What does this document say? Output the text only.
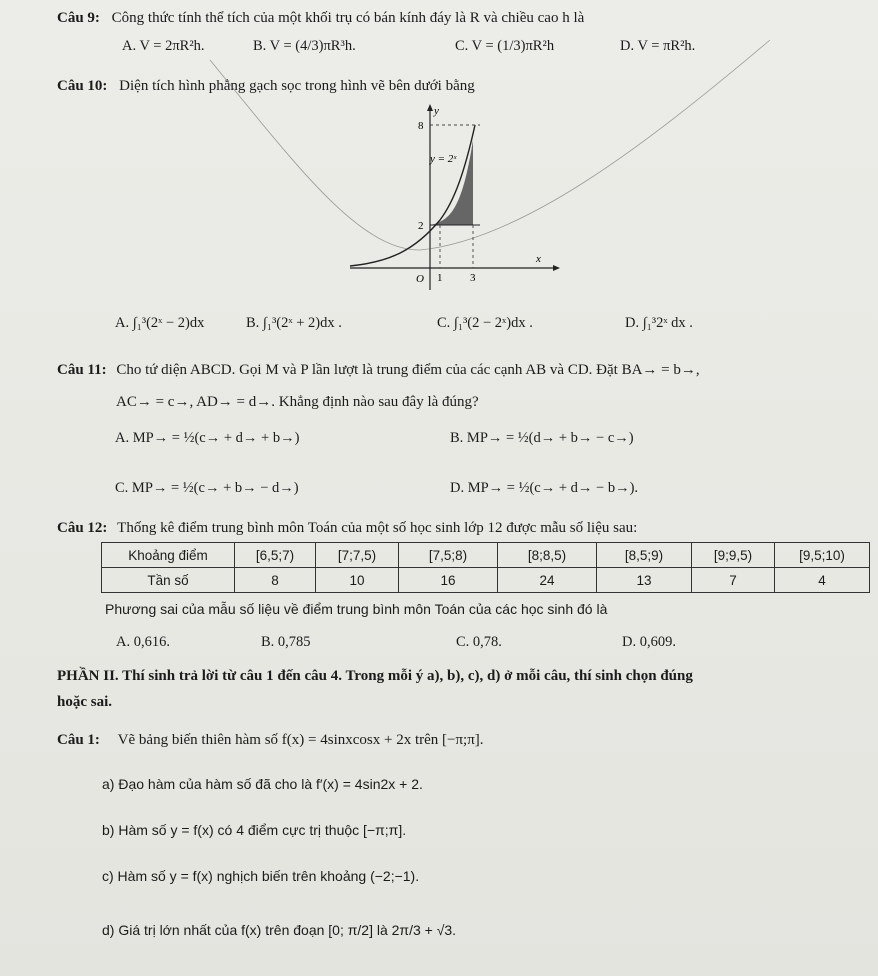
Câu 9: Công thức tính thể tích của một khối trụ có bán kính đáy là R và chiều cao h là
A. V = 2πR²h.	B. V = (4/3)πR³h.	C. V = (1/3)πR²h	D. V = πR²h.
Câu 10: Diện tích hình phẳng gạch sọc trong hình vẽ bên dưới bằng
y
x
O
8
2
1	3
y = 2ˣ
A. ∫₁³(2ˣ − 2)dx	B. ∫₁³(2ˣ + 2)dx .	C. ∫₁³(2 − 2ˣ)dx .	D. ∫₁³2ˣ dx .
Câu 11: Cho tứ diện ABCD. Gọi M và P lần lượt là trung điểm của các cạnh AB và CD. Đặt BA→ = b→,
AC→ = c→, AD→ = d→. Khẳng định nào sau đây là đúng?
A. MP→ = ½(c→ + d→ + b→)	B. MP→ = ½(d→ + b→ − c→)
C. MP→ = ½(c→ + b→ − d→)	D. MP→ = ½(c→ + d→ − b→).
Câu 12: Thống kê điểm trung bình môn Toán của một số học sinh lớp 12 được mẫu số liệu sau:
Khoảng điểm	[6,5;7)	[7;7,5)	[7,5;8)	[8;8,5)	[8,5;9)	[9;9,5)	[9,5;10)
Tần số	8	10	16	24	13	7	4
Phương sai của mẫu số liệu về điểm trung bình môn Toán của các học sinh đó là
A. 0,616.	B. 0,785	C. 0,78.	D. 0,609.
PHẦN II. Thí sinh trả lời từ câu 1 đến câu 4. Trong mỗi ý a), b), c), d) ở mỗi câu, thí sinh chọn đúng
hoặc sai.
Câu 1: Vẽ bảng biến thiên hàm số f(x) = 4sinxcosx + 2x trên [−π;π].
a) Đạo hàm của hàm số đã cho là f′(x) = 4sin2x + 2.
b) Hàm số y = f(x) có 4 điểm cực trị thuộc [−π;π].
c) Hàm số y = f(x) nghịch biến trên khoảng (−2;−1).
d) Giá trị lớn nhất của f(x) trên đoạn [0; π/2] là 2π/3 + √3.
